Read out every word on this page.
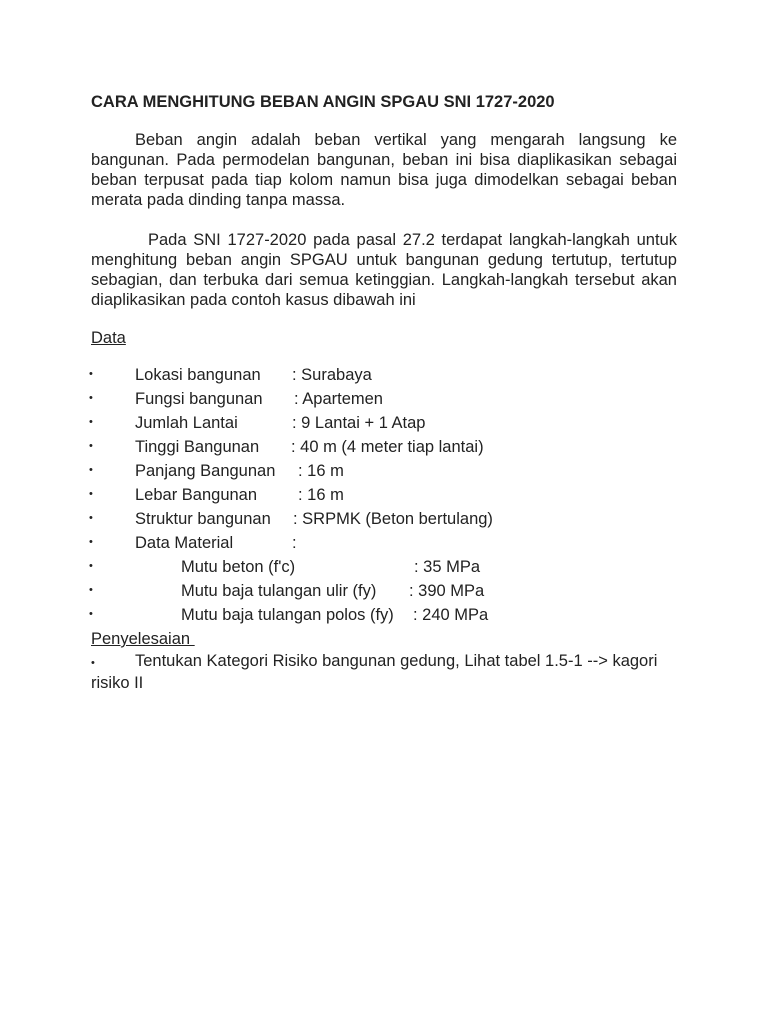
CARA MENGHITUNG BEBAN ANGIN SPGAU SNI 1727-2020
Beban angin adalah beban vertikal yang mengarah langsung ke bangunan. Pada permodelan bangunan, beban ini bisa diaplikasikan sebagai beban terpusat pada tiap kolom namun bisa juga dimodelkan sebagai beban merata pada dinding tanpa massa.
Pada SNI 1727-2020 pada pasal 27.2 terdapat langkah-langkah untuk menghitung beban angin SPGAU untuk bangunan gedung tertutup, tertutup sebagian, dan terbuka dari semua ketinggian. Langkah-langkah tersebut akan diaplikasikan pada contoh kasus dibawah ini
Data
•	Lokasi bangunan : Surabaya
•	Fungsi bangunan : Apartemen
•	Jumlah Lantai	: 9 Lantai + 1 Atap
•	Tinggi Bangunan : 40 m (4 meter tiap lantai)
•	Panjang Bangunan : 16 m
•	Lebar Bangunan : 16 m
•	Struktur bangunan : SRPMK (Beton bertulang)
•	Data Material	:
•	Mutu beton (f'c)	: 35 MPa
•	Mutu baja tulangan ulir (fy) : 390 MPa
•	Mutu baja tulangan polos (fy) : 240 MPa
Penyelesaian
• Tentukan Kategori Risiko bangunan gedung, Lihat tabel 1.5-1 --> kagori risiko II
